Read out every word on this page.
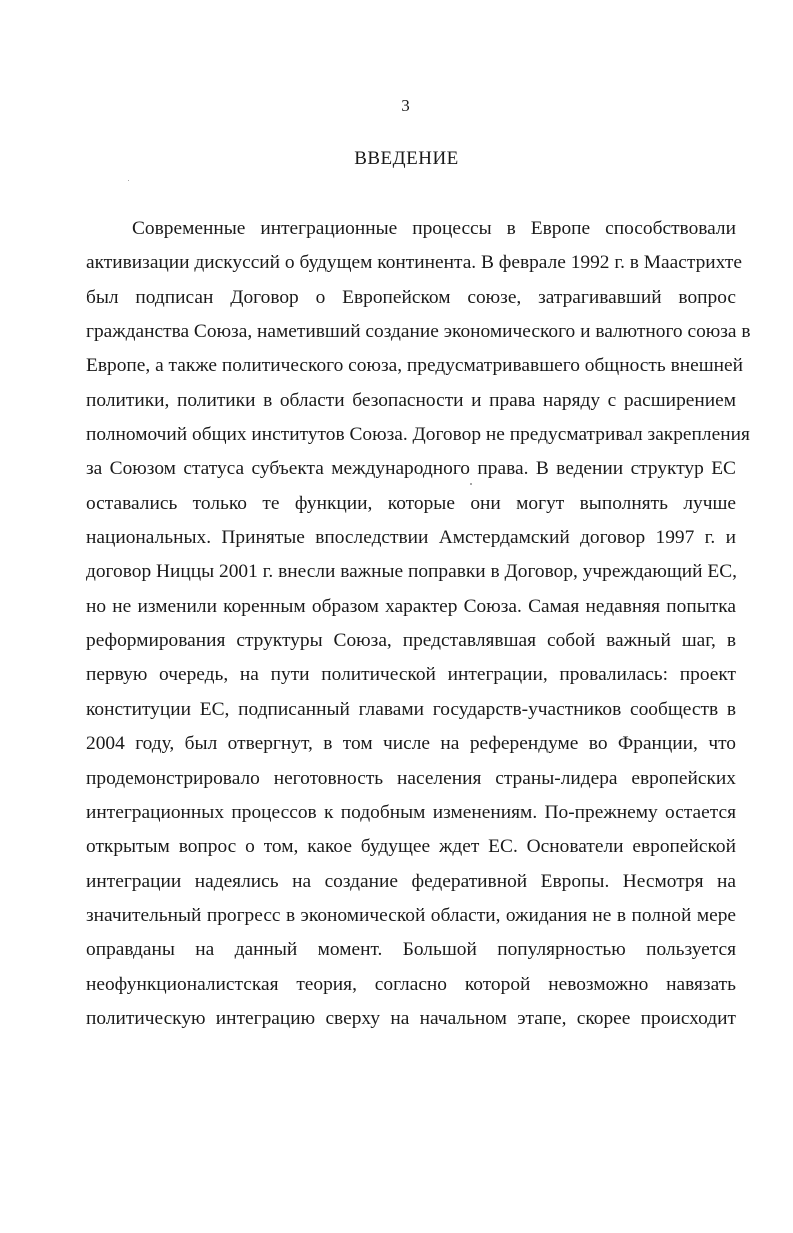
3
ВВЕДЕНИЕ
Современные интеграционные процессы в Европе способствовали
активизации дискуссий о будущем континента. В феврале 1992 г. в Маастрихте
был подписан Договор о Европейском союзе, затрагивавший вопрос
гражданства Союза, наметивший создание экономического и валютного союза в
Европе, а также политического союза, предусматривавшего общность внешней
политики, политики в области безопасности и права наряду с расширением
полномочий общих институтов Союза. Договор не предусматривал закрепления
за Союзом статуса субъекта международного права. В ведении структур ЕС
оставались только те функции, которые они могут выполнять лучше
национальных. Принятые впоследствии Амстердамский договор 1997 г. и
договор Ниццы 2001 г. внесли важные поправки в Договор, учреждающий ЕС,
но не изменили коренным образом характер Союза. Самая недавняя попытка
реформирования структуры Союза, представлявшая собой важный шаг, в
первую очередь, на пути политической интеграции, провалилась: проект
конституции ЕС, подписанный главами государств-участников сообществ в
2004 году, был отвергнут, в том числе на референдуме во Франции, что
продемонстрировало неготовность населения страны-лидера европейских
интеграционных процессов к подобным изменениям. По-прежнему остается
открытым вопрос о том, какое будущее ждет ЕС. Основатели европейской
интеграции надеялись на создание федеративной Европы. Несмотря на
значительный прогресс в экономической области, ожидания не в полной мере
оправданы на данный момент. Большой популярностью пользуется
неофункционалистская теория, согласно которой невозможно навязать
политическую интеграцию сверху на начальном этапе, скорее происходит
